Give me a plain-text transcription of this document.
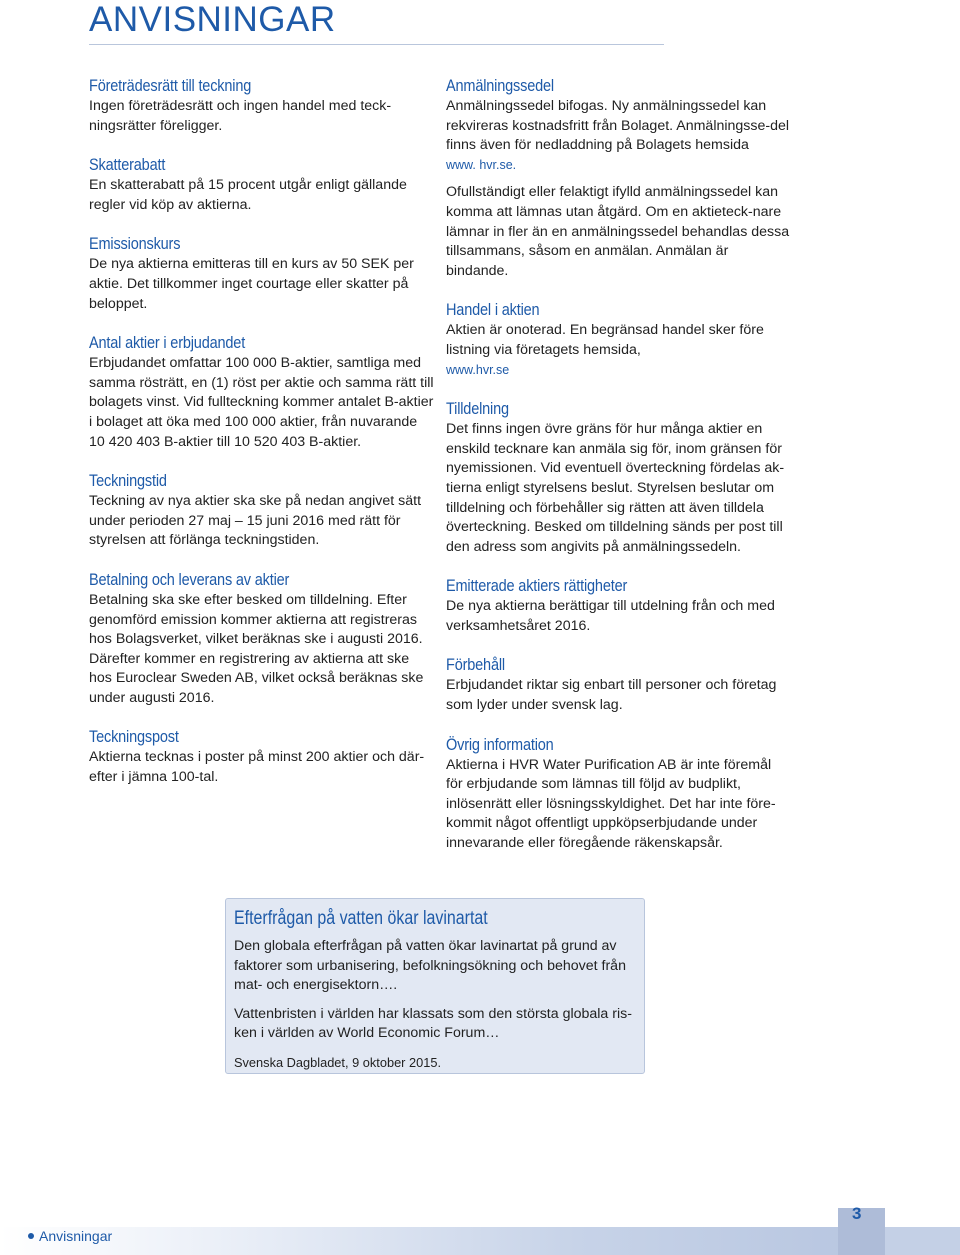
ANVISNINGAR
Företrädesrätt till teckning

Ingen företrädesrätt och ingen handel med teck-ningsrätter föreligger.

Skatterabatt

En skatterabatt på 15 procent utgår enligt gällande regler vid köp av aktierna.

Emissionskurs

De nya aktierna emitteras till en kurs av 50 SEK per aktie. Det tillkommer inget courtage eller skatter på beloppet.

Antal aktier i erbjudandet

Erbjudandet omfattar 100 000 B-aktier, samtliga med samma rösträtt, en (1) röst per aktie och samma rätt till bolagets vinst. Vid fullteckning kommer antalet B-aktier i bolaget att öka med 100 000 aktier, från nuvarande 10 420 403 B-aktier till 10 520 403 B-aktier.

Teckningstid

Teckning av nya aktier ska ske på nedan angivet sätt under perioden 27 maj – 15 juni 2016 med rätt för styrelsen att förlänga teckningstiden.

Betalning och leverans av aktier

Betalning ska ske efter besked om tilldelning. Efter genomförd emission kommer aktierna att registreras hos Bolagsverket, vilket beräknas ske i augusti 2016. Därefter kommer en registrering av aktierna att ske hos Euroclear Sweden AB, vilket också beräknas ske under augusti 2016.

Teckningspost

Aktierna tecknas i poster på minst 200 aktier och där-efter i jämna 100-tal.

Anmälningssedel

Anmälningssedel bifogas. Ny anmälningssedel kan rekvireras kostnadsfritt från Bolaget. Anmälningsse-del finns även för nedladdning på Bolagets hemsida
www. hvr.se.

Ofullständigt eller felaktigt ifylld anmälningssedel kan komma att lämnas utan åtgärd. Om en aktieteck-nare lämnar in fler än en anmälningssedel behandlas dessa tillsammans, såsom en anmälan. Anmälan är bindande.

Handel i aktien

Aktien är onoterad. En begränsad handel sker före listning via företagets hemsida,
www.hvr.se

Tilldelning

Det finns ingen övre gräns för hur många aktier en enskild tecknare kan anmäla sig för, inom gränsen för nyemissionen. Vid eventuell överteckning fördelas ak-tierna enligt styrelsens beslut. Styrelsen beslutar om tilldelning och förbehåller sig rätten att även tilldela överteckning. Besked om tilldelning sänds per post till den adress som angivits på anmälningssedeln.

Emitterade aktiers rättigheter

De nya aktierna berättigar till utdelning från och med verksamhetsåret 2016.

Förbehåll

Erbjudandet riktar sig enbart till personer och företag som lyder under svensk lag.

Övrig information

Aktierna i HVR Water Purification AB är inte föremål för erbjudande som lämnas till följd av budplikt, inlösenrätt eller lösningsskyldighet. Det har inte före-kommit något offentligt uppköpserbjudande under innevarande eller föregående räkenskapsår.

Efterfrågan på vatten ökar lavinartat

Den globala efterfrågan på vatten ökar lavinartat på grund av faktorer som urbanisering, befolkningsökning och behovet från mat- och energisektorn….

Vattenbristen i världen har klassats som den största globala ris-ken i världen av World Economic Forum…

Svenska Dagbladet, 9 oktober 2015.

3
Anvisningar
